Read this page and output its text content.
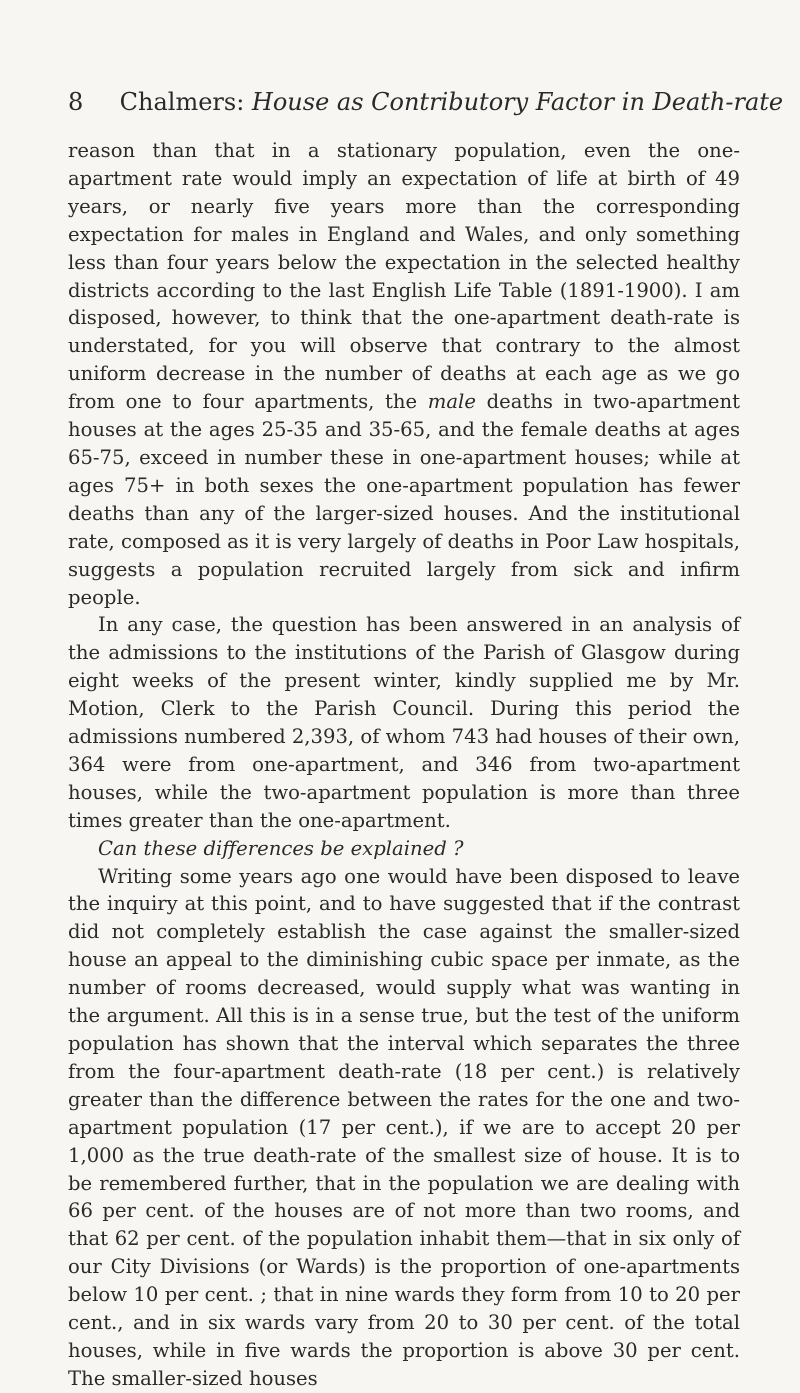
8 Chalmers: House as Contributory Factor in Death-rate

reason than that in a stationary population, even the one-apartment rate would imply an expectation of life at birth of 49 years, or nearly five years more than the corresponding expectation for males in England and Wales, and only something less than four years below the expectation in the selected healthy districts according to the last English Life Table (1891-1900). I am disposed, however, to think that the one-apartment death-rate is understated, for you will observe that contrary to the almost uniform decrease in the number of deaths at each age as we go from one to four apartments, the male deaths in two-apartment houses at the ages 25-35 and 35-65, and the female deaths at ages 65-75, exceed in number these in one-apartment houses; while at ages 75+ in both sexes the one-apartment population has fewer deaths than any of the larger-sized houses. And the institutional rate, composed as it is very largely of deaths in Poor Law hospitals, suggests a population recruited largely from sick and infirm people.

In any case, the question has been answered in an analysis of the admissions to the institutions of the Parish of Glasgow during eight weeks of the present winter, kindly supplied me by Mr. Motion, Clerk to the Parish Council. During this period the admissions numbered 2,393, of whom 743 had houses of their own, 364 were from one-apartment, and 346 from two-apartment houses, while the two-apartment population is more than three times greater than the one-apartment.

Can these differences be explained ?

Writing some years ago one would have been disposed to leave the inquiry at this point, and to have suggested that if the contrast did not completely establish the case against the smaller-sized house an appeal to the diminishing cubic space per inmate, as the number of rooms decreased, would supply what was wanting in the argument. All this is in a sense true, but the test of the uniform population has shown that the interval which separates the three from the four-apartment death-rate (18 per cent.) is relatively greater than the difference between the rates for the one and two-apartment population (17 per cent.), if we are to accept 20 per 1,000 as the true death-rate of the smallest size of house. It is to be remembered further, that in the population we are dealing with 66 per cent. of the houses are of not more than two rooms, and that 62 per cent. of the population inhabit them—that in six only of our City Divisions (or Wards) is the proportion of one-apartments below 10 per cent. ; that in nine wards they form from 10 to 20 per cent., and in six wards vary from 20 to 30 per cent. of the total houses, while in five wards the proportion is above 30 per cent. The smaller-sized houses
